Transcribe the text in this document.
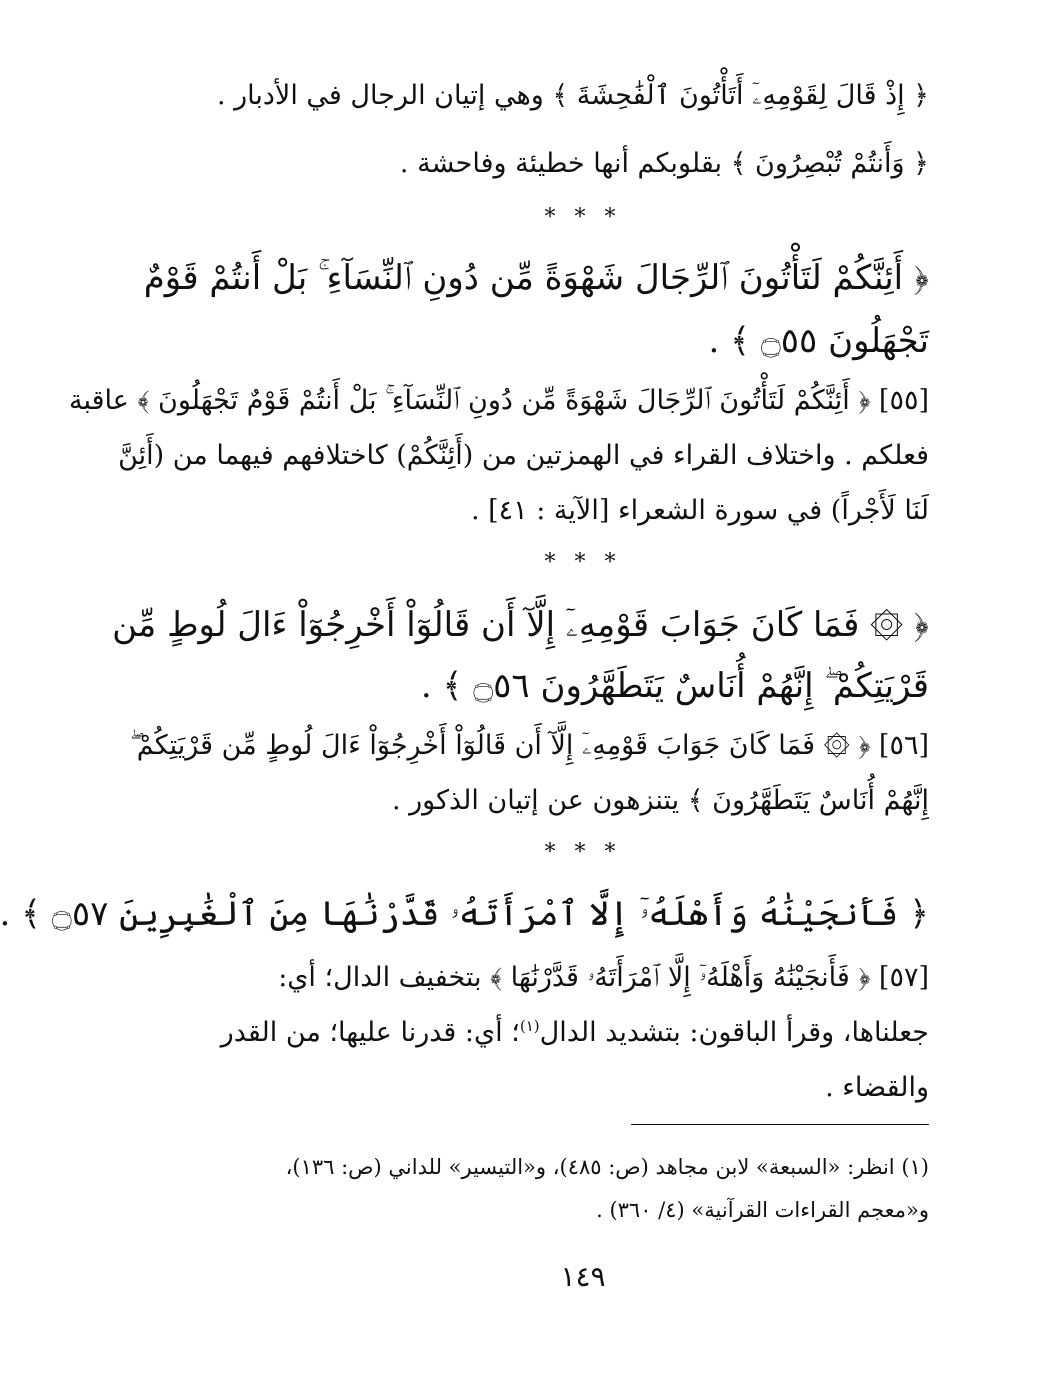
﴿ إِذْ قَالَ لِقَوْمِهِۦٓ أَتَأْتُونَ ٱلْفَٰحِشَةَ ﴾ وهي إتيان الرجال في الأدبار .
﴿ وَأَنتُمْ تُبْصِرُونَ ﴾ بقلوبكم أنها خطيئة وفاحشة .
* * *
﴿ أَئِنَّكُمْ لَتَأْتُونَ ٱلرِّجَالَ شَهْوَةً مِّن دُونِ ٱلنِّسَآءِ ۚ بَلْ أَنتُمْ قَوْمٌ
تَجْهَلُونَ ۝٥٥ ﴾ .
[٥٥] ﴿ أَئِنَّكُمْ لَتَأْتُونَ ٱلرِّجَالَ شَهْوَةً مِّن دُونِ ٱلنِّسَآءِ ۚ بَلْ أَنتُمْ قَوْمٌ تَجْهَلُونَ ﴾ عاقبة
فعلكم . واختلاف القراء في الهمزتين من (أَئِنَّكُمْ) كاختلافهم فيهما من (أَئِنَّ
لَنَا لَأَجْراً) في سورة الشعراء [الآية : ٤١] .
* * *
﴿ ۞ فَمَا كَانَ جَوَابَ قَوْمِهِۦٓ إِلَّآ أَن قَالُوٓاْ أَخْرِجُوٓاْ ءَالَ لُوطٍ مِّن
قَرْيَتِكُمْ ۖ إِنَّهُمْ أُنَاسٌ يَتَطَهَّرُونَ ۝٥٦ ﴾ .
[٥٦] ﴿ ۞ فَمَا كَانَ جَوَابَ قَوْمِهِۦٓ إِلَّآ أَن قَالُوٓاْ أَخْرِجُوٓاْ ءَالَ لُوطٍ مِّن قَرْيَتِكُمْ ۖ
إِنَّهُمْ أُنَاسٌ يَتَطَهَّرُونَ ﴾ يتنزهون عن إتيان الذكور .
* * *
﴿ فَأَنجَيْنَٰهُ وَأَهْلَهُۥٓ إِلَّا ٱمْرَأَتَهُۥ قَدَّرْنَٰهَا مِنَ ٱلْغَٰبِرِينَ ۝٥٧ ﴾ .
[٥٧] ﴿ فَأَنجَيْنَٰهُ وَأَهْلَهُۥٓ إِلَّا ٱمْرَأَتَهُۥ قَدَّرْنَٰهَا ﴾ بتخفيف الدال؛ أي:
جعلناها، وقرأ الباقون: بتشديد الدال$^{(١)}$؛ أي: قدرنا عليها؛ من القدر
والقضاء .
(١) انظر: «السبعة» لابن مجاهد (ص: ٤٨٥)، و«التيسير» للداني (ص: ١٣٦)،
و«معجم القراءات القرآنية» (٤/ ٣٦٠) .
١٤٩
